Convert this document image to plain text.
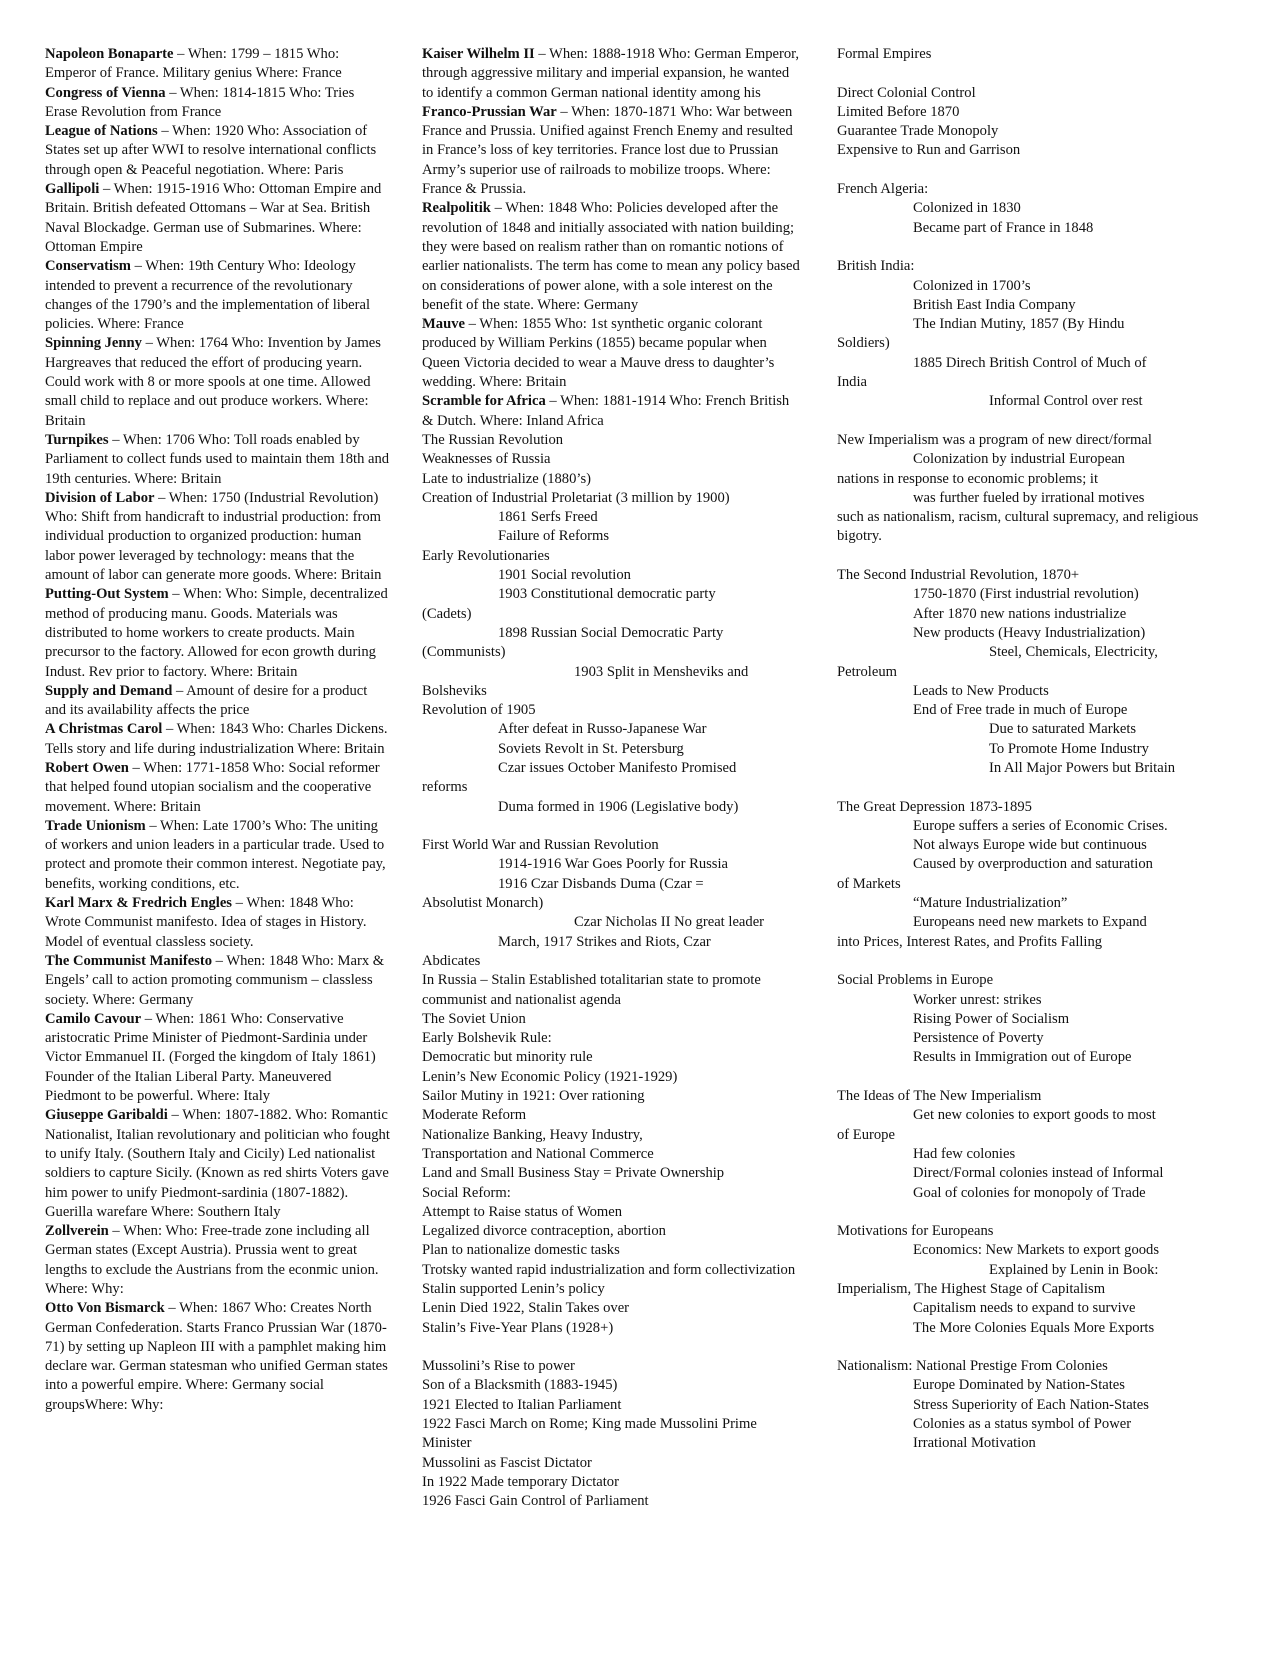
Napoleon Bonaparte – When: 1799 – 1815 Who: Emperor of France. Military genius Where: France

Congress of Vienna – When: 1814-1815 Who: Tries Erase Revolution from France

League of Nations – When: 1920 Who: Association of States set up after WWI to resolve international conflicts through open & Peaceful negotiation. Where: Paris

Gallipoli – When: 1915-1916 Who: Ottoman Empire and Britain. British defeated Ottomans – War at Sea. British Naval Blockadge. German use of Submarines. Where: Ottoman Empire

Conservatism – When: 19th Century Who: Ideology intended to prevent a recurrence of the revolutionary changes of the 1790’s and the implementation of liberal policies. Where: France

Spinning Jenny – When: 1764 Who: Invention by James Hargreaves that reduced the effort of producing yearn. Could work with 8 or more spools at one time. Allowed small child to replace and out produce workers. Where: Britain

Turnpikes – When: 1706 Who: Toll roads enabled by Parliament to collect funds used to maintain them 18th and 19th centuries. Where: Britain

Division of Labor – When: 1750 (Industrial Revolution) Who: Shift from handicraft to industrial production: from individual production to organized production: human labor power leveraged by technology: means that the amount of labor can generate more goods. Where: Britain

Putting-Out System – When: Who: Simple, decentralized method of producing manu. Goods. Materials was distributed to home workers to create products. Main precursor to the factory. Allowed for econ growth during Indust. Rev prior to factory. Where: Britain

Supply and Demand – Amount of desire for a product and its availability affects the price

A Christmas Carol – When: 1843 Who: Charles Dickens. Tells story and life during industrialization Where: Britain

Robert Owen – When: 1771-1858 Who: Social reformer that helped found utopian socialism and the cooperative movement. Where: Britain

Trade Unionism – When: Late 1700’s Who: The uniting of workers and union leaders in a particular trade. Used to protect and promote their common interest. Negotiate pay, benefits, working conditions, etc.

Karl Marx & Fredrich Engles – When: 1848 Who: Wrote Communist manifesto. Idea of stages in History. Model of eventual classless society.

The Communist Manifesto – When: 1848 Who: Marx & Engels’ call to action promoting communism – classless society. Where: Germany

Camilo Cavour – When: 1861 Who: Conservative aristocratic Prime Minister of Piedmont-Sardinia under Victor Emmanuel II. (Forged the kingdom of Italy 1861) Founder of the Italian Liberal Party. Maneuvered Piedmont to be powerful. Where: Italy

Giuseppe Garibaldi – When: 1807-1882. Who: Romantic Nationalist, Italian revolutionary and politician who fought to unify Italy. (Southern Italy and Cicily) Led nationalist soldiers to capture Sicily. (Known as red shirts Voters gave him power to unify Piedmont-sardinia (1807-1882). Guerilla warefare Where: Southern Italy

Zollverein – When: Who: Free-trade zone including all German states (Except Austria). Prussia went to great lengths to exclude the Austrians from the econmic union. Where: Why:

Otto Von Bismarck – When: 1867 Who: Creates North German Confederation. Starts Franco Prussian War (1870-71) by setting up Napleon III with a pamphlet making him declare war. German statesman who unified German states into a powerful empire. Where: Germany social groupsWhere: Why:

Kaiser Wilhelm II – When: 1888-1918 Who: German Emperor, through aggressive military and imperial expansion, he wanted to identify a common German national identity among his

Franco-Prussian War – When: 1870-1871 Who: War between France and Prussia. Unified against French Enemy and resulted in France’s loss of key territories. France lost due to Prussian Army’s superior use of railroads to mobilize troops. Where: France & Prussia.

Realpolitik – When: 1848 Who: Policies developed after the revolution of 1848 and initially associated with nation building; they were based on realism rather than on romantic notions of earlier nationalists. The term has come to mean any policy based on considerations of power alone, with a sole interest on the benefit of the state. Where: Germany

Mauve – When: 1855 Who: 1st synthetic organic colorant produced by William Perkins (1855) became popular when Queen Victoria decided to wear a Mauve dress to daughter’s wedding. Where: Britain

Scramble for Africa – When: 1881-1914 Who: French British & Dutch. Where: Inland Africa

The Russian Revolution
Weaknesses of Russia
Late to industrialize (1880’s)
Creation of Industrial Proletariat (3 million by 1900)
1861 Serfs Freed
Failure of Reforms
Early Revolutionaries
1901 Social revolution
1903 Constitutional democratic party
(Cadets)
1898 Russian Social Democratic Party
(Communists)
1903 Split in Mensheviks and
Bolsheviks
Revolution of 1905
After defeat in Russo-Japanese War
Soviets Revolt in St. Petersburg
Czar issues October Manifesto Promised
reforms
Duma formed in 1906 (Legislative body)
First World War and Russian Revolution
1914-1916 War Goes Poorly for Russia
1916 Czar Disbands Duma (Czar =
Absolutist Monarch)
Czar Nicholas II No great leader
March, 1917 Strikes and Riots, Czar
Abdicates
In Russia – Stalin Established totalitarian state to promote communist and nationalist agenda
The Soviet Union
Early Bolshevik Rule:
Democratic but minority rule
Lenin’s New Economic Policy (1921-1929)
Sailor Mutiny in 1921: Over rationing
Moderate Reform
Nationalize Banking, Heavy Industry,
Transportation and National Commerce
Land and Small Business Stay = Private Ownership
Social Reform:
Attempt to Raise status of Women
Legalized divorce contraception, abortion
Plan to nationalize domestic tasks
Trotsky wanted rapid industrialization and form collectivization
Stalin supported Lenin’s policy
Lenin Died 1922, Stalin Takes over
Stalin’s Five-Year Plans (1928+)
Mussolini’s Rise to power
Son of a Blacksmith (1883-1945)
1921 Elected to Italian Parliament
1922 Fasci March on Rome; King made Mussolini Prime Minister
Mussolini as Fascist Dictator
In 1922 Made temporary Dictator
1926 Fasci Gain Control of Parliament
Formal Empires
Direct Colonial Control
Limited Before 1870
Guarantee Trade Monopoly
Expensive to Run and Garrison
French Algeria:
Colonized in 1830
Became part of France in 1848
British India:
Colonized in 1700’s
British East India Company
The Indian Mutiny, 1857 (By Hindu
Soldiers)
1885 Direch British Control of Much of
India
Informal Control over rest
New Imperialism was a program of new direct/formal
Colonization by industrial European
nations in response to economic problems; it
was further fueled by irrational motives
such as nationalism, racism, cultural supremacy, and religious bigotry.
The Second Industrial Revolution, 1870+
1750-1870 (First industrial revolution)
After 1870 new nations industrialize
New products (Heavy Industrialization)
Steel, Chemicals, Electricity,
Petroleum
Leads to New Products
End of Free trade in much of Europe
Due to saturated Markets
To Promote Home Industry
In All Major Powers but Britain
The Great Depression 1873-1895
Europe suffers a series of Economic Crises.
Not always Europe wide but continuous
Caused by overproduction and saturation
of Markets
“Mature Industrialization”
Europeans need new markets to Expand
into Prices, Interest Rates, and Profits Falling
Social Problems in Europe
Worker unrest: strikes
Rising Power of Socialism
Persistence of Poverty
Results in Immigration out of Europe
The Ideas of The New Imperialism
Get new colonies to export goods to most
of Europe
Had few colonies
Direct/Formal colonies instead of Informal
Goal of colonies for monopoly of Trade
Motivations for Europeans
Economics: New Markets to export goods
Explained by Lenin in Book:
Imperialism, The Highest Stage of Capitalism
Capitalism needs to expand to survive
The More Colonies Equals More Exports
Nationalism: National Prestige From Colonies
Europe Dominated by Nation-States
Stress Superiority of Each Nation-States
Colonies as a status symbol of Power
Irrational Motivation
